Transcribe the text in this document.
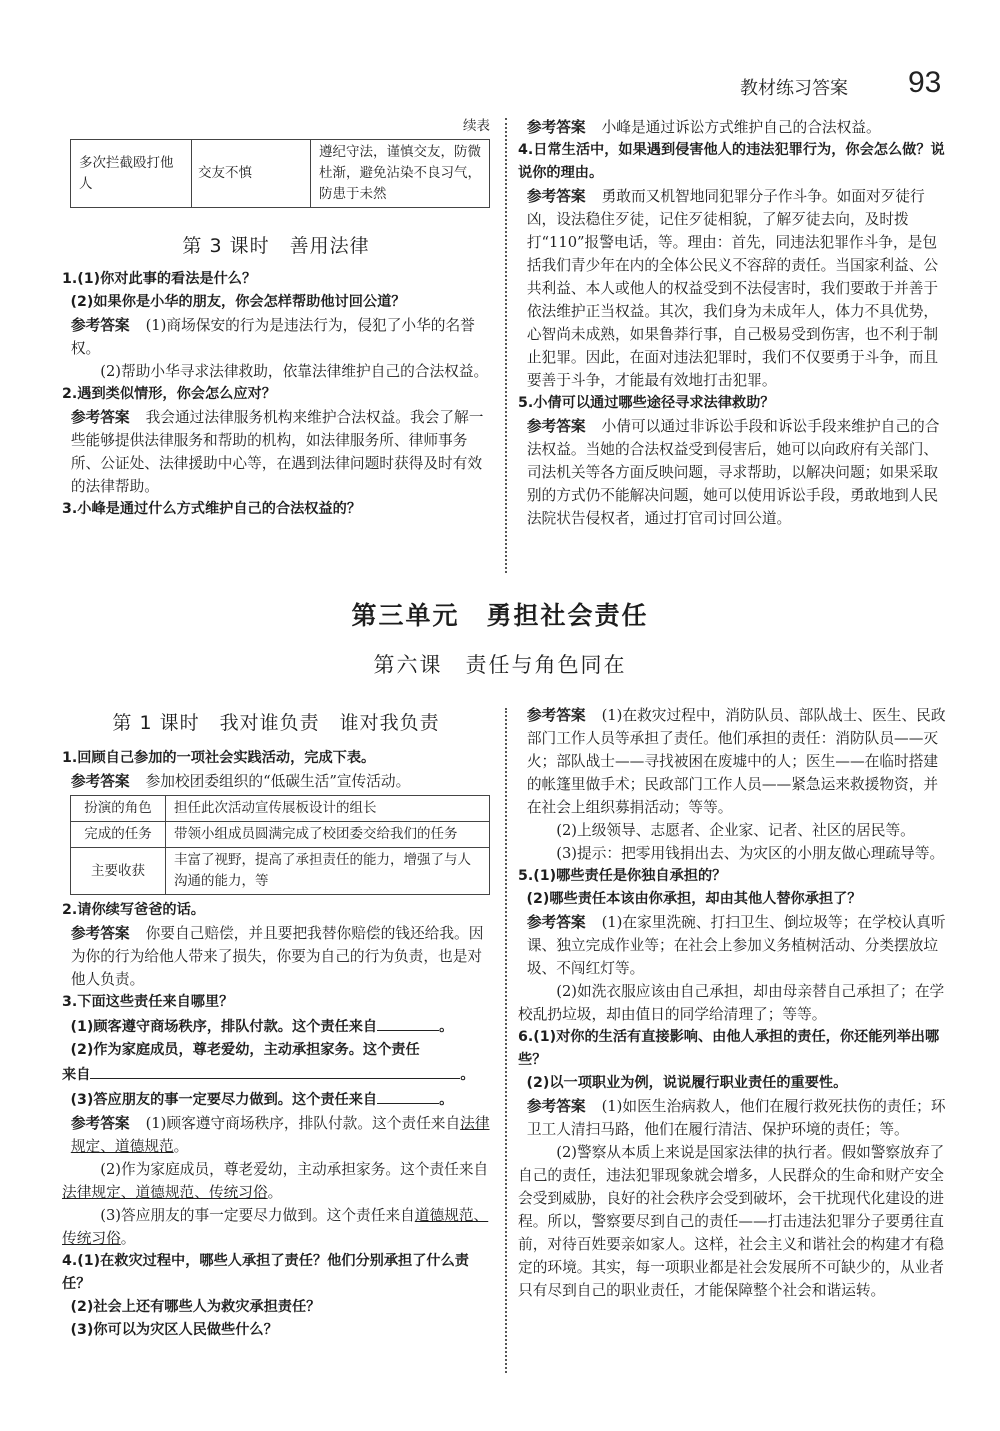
教材练习答案 93
续表
多次拦截殴打他人	交友不慎	遵纪守法，谨慎交友，防微杜渐，避免沾染不良习气，防患于未然
第 3 课时　善用法律

1.(1)你对此事的看法是什么？

(2)如果你是小华的朋友，你会怎样帮助他讨回公道？

参考答案 (1)商场保安的行为是违法行为，侵犯了小华的名誉权。

(2)帮助小华寻求法律救助，依靠法律维护自己的合法权益。

2.遇到类似情形，你会怎么应对？

参考答案 我会通过法律服务机构来维护合法权益。我会了解一些能够提供法律服务和帮助的机构，如法律服务所、律师事务所、公证处、法律援助中心等，在遇到法律问题时获得及时有效的法律帮助。

3.小峰是通过什么方式维护自己的合法权益的？

参考答案 小峰是通过诉讼方式维护自己的合法权益。

4.日常生活中，如果遇到侵害他人的违法犯罪行为，你会怎么做？说说你的理由。

参考答案 勇敢而又机智地同犯罪分子作斗争。如面对歹徒行凶，设法稳住歹徒，记住歹徒相貌，了解歹徒去向，及时拨打“110”报警电话，等。理由：首先，同违法犯罪作斗争，是包括我们青少年在内的全体公民义不容辞的责任。当国家利益、公共利益、本人或他人的权益受到不法侵害时，我们要敢于并善于依法维护正当权益。其次，我们身为未成年人，体力不具优势，心智尚未成熟，如果鲁莽行事，自己极易受到伤害，也不利于制止犯罪。因此，在面对违法犯罪时，我们不仅要勇于斗争，而且要善于斗争，才能最有效地打击犯罪。

5.小倩可以通过哪些途径寻求法律救助？

参考答案 小倩可以通过非诉讼手段和诉讼手段来维护自己的合法权益。当她的合法权益受到侵害后，她可以向政府有关部门、司法机关等各方面反映问题，寻求帮助，以解决问题；如果采取别的方式仍不能解决问题，她可以使用诉讼手段，勇敢地到人民法院状告侵权者，通过打官司讨回公道。

第三单元　勇担社会责任
第六课　责任与角色同在
第 1 课时　我对谁负责　谁对我负责

1.回顾自己参加的一项社会实践活动，完成下表。

参考答案 参加校团委组织的“低碳生活”宣传活动。

扮演的角色	担任此次活动宣传展板设计的组长
完成的任务	带领小组成员圆满完成了校团委交给我们的任务
主要收获	丰富了视野，提高了承担责任的能力，增强了与人沟通的能力，等

2.请你续写爸爸的话。

参考答案 你要自己赔偿，并且要把我替你赔偿的钱还给我。因为你的行为给他人带来了损失，你要为自己的行为负责，也是对他人负责。

3.下面这些责任来自哪里？

(1)顾客遵守商场秩序，排队付款。这个责任来自	。

(2)作为家庭成员，尊老爱幼，主动承担家务。这个责任

来自	。

(3)答应朋友的事一定要尽力做到。这个责任来自	。

参考答案 (1)顾客遵守商场秩序，排队付款。这个责任来自法律规定、道德规范。

(2)作为家庭成员，尊老爱幼，主动承担家务。这个责任来自法律规定、道德规范、传统习俗。

(3)答应朋友的事一定要尽力做到。这个责任来自道德规范、传统习俗。

4.(1)在救灾过程中，哪些人承担了责任？他们分别承担了什么责任？

(2)社会上还有哪些人为救灾承担责任？

(3)你可以为灾区人民做些什么？

参考答案 (1)在救灾过程中，消防队员、部队战士、医生、民政部门工作人员等承担了责任。他们承担的责任：消防队员——灭火；部队战士——寻找被困在废墟中的人；医生——在临时搭建的帐篷里做手术；民政部门工作人员——紧急运来救援物资，并在社会上组织募捐活动；等等。

(2)上级领导、志愿者、企业家、记者、社区的居民等。

(3)提示：把零用钱捐出去、为灾区的小朋友做心理疏导等。

5.(1)哪些责任是你独自承担的？

(2)哪些责任本该由你承担，却由其他人替你承担了？

参考答案 (1)在家里洗碗、打扫卫生、倒垃圾等；在学校认真听课、独立完成作业等；在社会上参加义务植树活动、分类摆放垃圾、不闯红灯等。

(2)如洗衣服应该由自己承担，却由母亲替自己承担了；在学校乱扔垃圾，却由值日的同学给清理了；等等。

6.(1)对你的生活有直接影响、由他人承担的责任，你还能列举出哪些？

(2)以一项职业为例，说说履行职业责任的重要性。

参考答案 (1)如医生治病救人，他们在履行救死扶伤的责任；环卫工人清扫马路，他们在履行清洁、保护环境的责任；等。

(2)警察从本质上来说是国家法律的执行者。假如警察放弃了自己的责任，违法犯罪现象就会增多，人民群众的生命和财产安全会受到威胁，良好的社会秩序会受到破坏，会干扰现代化建设的进程。所以，警察要尽到自己的责任——打击违法犯罪分子要勇往直前，对待百姓要亲如家人。这样，社会主义和谐社会的构建才有稳定的环境。其实，每一项职业都是社会发展所不可缺少的，从业者只有尽到自己的职业责任，才能保障整个社会和谐运转。
